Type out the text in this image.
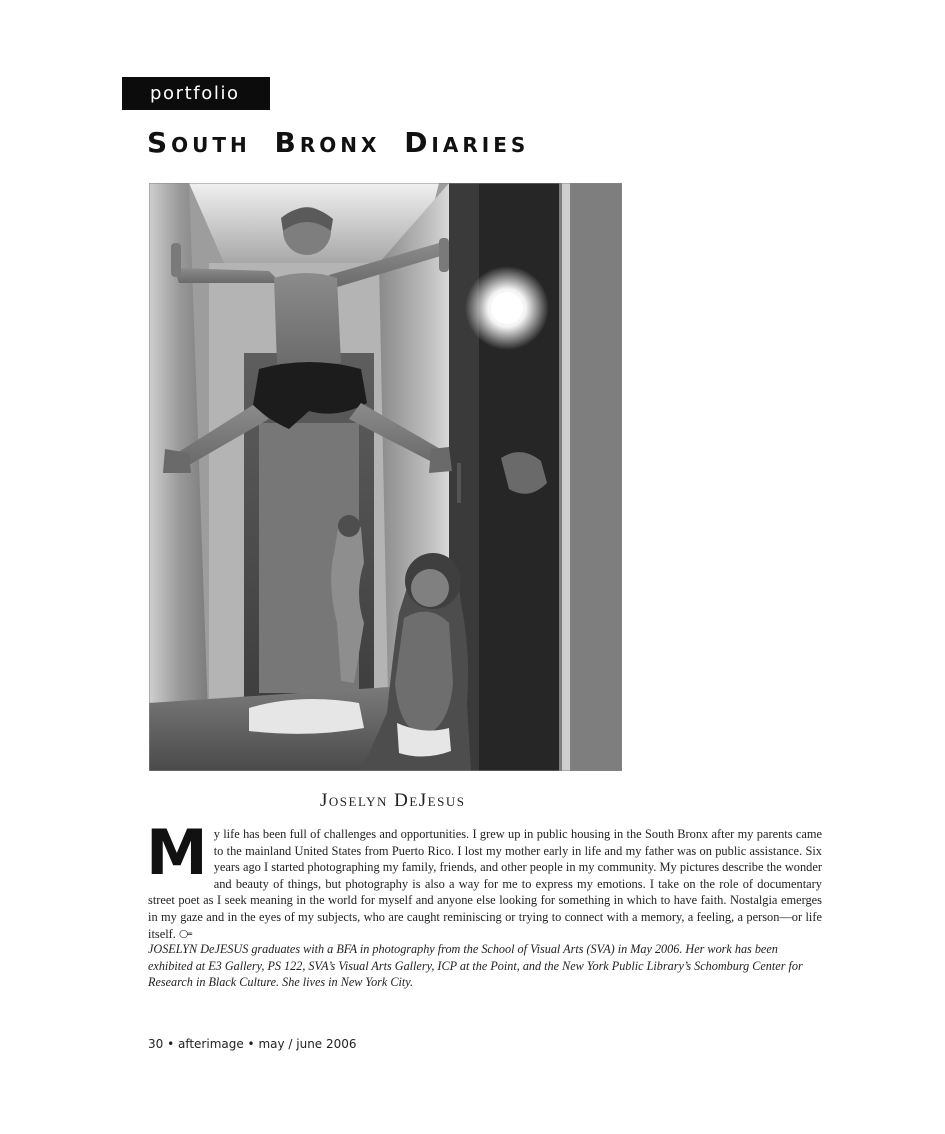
portfolio
South Bronx Diaries
Joselyn DeJesus

My life has been full of challenges and opportunities. I grew up in public housing in the South Bronx after my parents came to the mainland United States from Puerto Rico. I lost my mother early in life and my father was on public assistance. Six years ago I started photographing my family, friends, and other people in my community. My pictures describe the wonder and beauty of things, but photography is also a way for me to express my emotions. I take on the role of documentary street poet as I seek meaning in the world for myself and anyone else looking for something in which to have faith. Nostalgia emerges in my gaze and in the eyes of my subjects, who are caught reminiscing or trying to connect with a memory, a feeling, a person—or life itself. ⧃

JOSELYN DeJESUS graduates with a BFA in photography from the School of Visual Arts (SVA) in May 2006. Her work has been exhibited at E3 Gallery, PS 122, SVA’s Visual Arts Gallery, ICP at the Point, and the New York Public Library’s Schomburg Center for Research in Black Culture. She lives in New York City.

30 • afterimage • may / june 2006
